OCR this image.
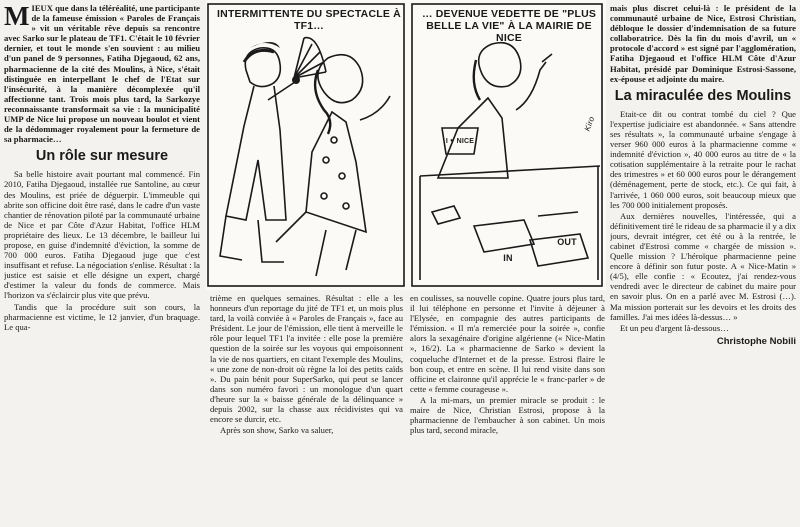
MIEUX que dans la téléréalité, une participante de la fameuse émission « Paroles de Français » vit un véritable rêve depuis sa rencontre avec Sarko sur le plateau de TF1. C'était le 10 février dernier, et tout le monde s'en souvient : au milieu d'un panel de 9 personnes, Fatiha Djegaoud, 62 ans, pharmacienne de la cité des Moulins, à Nice, s'était distinguée en interpellant le chef de l'Etat sur l'insécurité, à la manière décomplexée qu'il affectionne tant. Trois mois plus tard, la Sarkozye reconnaissante transformait sa vie : la municipalité UMP de Nice lui propose un nouveau boulot et vient de la dédommager royalement pour la fermeture de sa pharmacie…

Un rôle sur mesure

Sa belle histoire avait pourtant mal commencé. Fin 2010, Fatiha Djegaoud, installée rue Santoline, au cœur des Moulins, est priée de déguerpir. L'immeuble qui abrite son officine doit être rasé, dans le cadre d'un vaste chantier de rénovation piloté par la communauté urbaine de Nice et par Côte d'Azur Habitat, l'office HLM propriétaire des lieux. Le 13 décembre, le bailleur lui propose, en guise d'indemnité d'éviction, la somme de 700 000 euros. Fatiha Djegaoud juge que c'est insuffisant et refuse. La négociation s'enlise. Résultat : la justice est saisie et elle désigne un expert, chargé d'estimer la valeur du fonds de commerce. Mais l'horizon va s'éclaircir plus vite que prévu.

Tandis que la procédure suit son cours, la pharmacienne est victime, le 12 janvier, d'un braquage. Le qua-

INTERMITTENTE DU SPECTACLE À TF1…
… DEVENUE VEDETTE DE "PLUS BELLE LA VIE" À LA MAIRIE DE NICE
I ♥ NICE
IN
OUT
Kiro

trième en quelques semaines. Résultat : elle a les honneurs d'un reportage du jité de TF1 et, un mois plus tard, la voilà conviée à « Paroles de Français », face au Président. Le jour de l'émission, elle tient à merveille le rôle pour lequel TF1 l'a invitée : elle pose la première question de la soirée sur les voyous qui empoisonnent la vie de nos quartiers, en citant l'exemple des Moulins, « une zone de non-droit où règne la loi des petits caïds ». Du pain bénit pour SuperSarko, qui peut se lancer dans son numéro favori : un monologue d'un quart d'heure sur la « baisse générale de la délinquance » depuis 2002, sur la chasse aux récidivistes qui va encore se durcir, etc.

Après son show, Sarko va saluer,

en coulisses, sa nouvelle copine. Quatre jours plus tard, il lui téléphone en personne et l'invite à déjeuner à l'Elysée, en compagnie des autres participants de l'émission. « Il m'a remerciée pour la soirée », confie alors la sexagénaire d'origine algérienne (« Nice-Matin », 16/2). La « pharmacienne de Sarko » devient la coqueluche d'Internet et de la presse. Estrosi flaire le bon coup, et entre en scène. Il lui rend visite dans son officine et claironne qu'il apprécie le « franc-parler » de cette « femme courageuse ».

A la mi-mars, un premier miracle se produit : le maire de Nice, Christian Estrosi, propose à la pharmacienne de l'embaucher à son cabinet. Un mois plus tard, second miracle,

mais plus discret celui-là : le président de la communauté urbaine de Nice, Estrosi Christian, débloque le dossier d'indemnisation de sa future collaboratrice. Dès la fin du mois d'avril, un « protocole d'accord » est signé par l'agglomération, Fatiha Djegaoud et l'office HLM Côte d'Azur Habitat, présidé par Dominique Estrosi-Sassone, ex-épouse et adjointe du maire.

La miraculée des Moulins

Etait-ce dit ou contrat tombé du ciel ? Que l'expertise judiciaire est abandonnée. « Sans attendre ses résultats », la communauté urbaine s'engage à verser 960 000 euros à la pharmacienne comme « indemnité d'éviction », 40 000 euros au titre de « la cotisation supplémentaire à la retraite pour le rachat des trimestres » et 60 000 euros pour le dérangement (déménagement, perte de stock, etc.). Ce qui fait, à l'arrivée, 1 060 000 euros, soit beaucoup mieux que les 700 000 initialement proposés.

Aux dernières nouvelles, l'intéressée, qui a définitivement tiré le rideau de sa pharmacie il y a dix jours, devrait intégrer, cet été ou à la rentrée, le cabinet d'Estrosi comme « chargée de mission ». Quelle mission ? L'héroïque pharmacienne peine encore à définir son futur poste. A « Nice-Matin » (4/5), elle confie : « Ecoutez, j'ai rendez-vous vendredi avec le directeur de cabinet du maire pour en savoir plus. On en a parlé avec M. Estrosi (…). Ma mission porterait sur les devoirs et les droits des familles. J'ai mes idées là-dessus… »

Et un peu d'argent là-dessous…

Christophe Nobili
